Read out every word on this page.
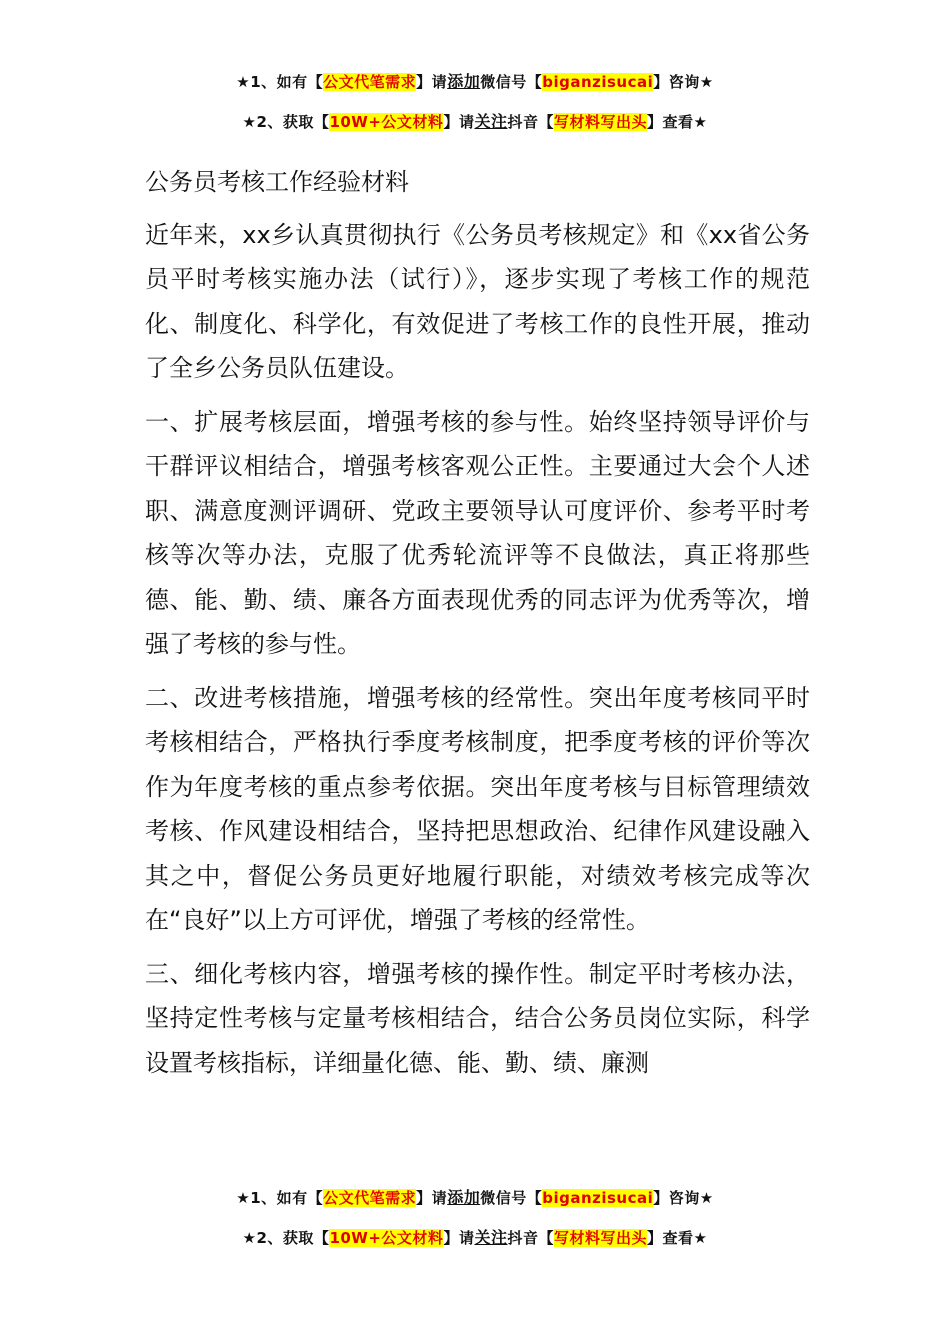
★1、如有【公文代笔需求】请添加微信号【biganzisucai】咨询★
★2、获取【10W+公文材料】请关注抖音【写材料写出头】查看★
公务员考核工作经验材料

近年来，xx乡认真贯彻执行《公务员考核规定》和《xx省公务员平时考核实施办法（试行）》，逐步实现了考核工作的规范化、制度化、科学化，有效促进了考核工作的良性开展，推动了全乡公务员队伍建设。

一、扩展考核层面，增强考核的参与性。始终坚持领导评价与干群评议相结合，增强考核客观公正性。主要通过大会个人述职、满意度测评调研、党政主要领导认可度评价、参考平时考核等次等办法，克服了优秀轮流评等不良做法，真正将那些德、能、勤、绩、廉各方面表现优秀的同志评为优秀等次，增强了考核的参与性。

二、改进考核措施，增强考核的经常性。突出年度考核同平时考核相结合，严格执行季度考核制度，把季度考核的评价等次作为年度考核的重点参考依据。突出年度考核与目标管理绩效考核、作风建设相结合，坚持把思想政治、纪律作风建设融入其之中，督促公务员更好地履行职能，对绩效考核完成等次在“良好”以上方可评优，增强了考核的经常性。

三、细化考核内容，增强考核的操作性。制定平时考核办法，坚持定性考核与定量考核相结合，结合公务员岗位实际，科学设置考核指标，详细量化德、能、勤、绩、廉测

★1、如有【公文代笔需求】请添加微信号【biganzisucai】咨询★
★2、获取【10W+公文材料】请关注抖音【写材料写出头】查看★
